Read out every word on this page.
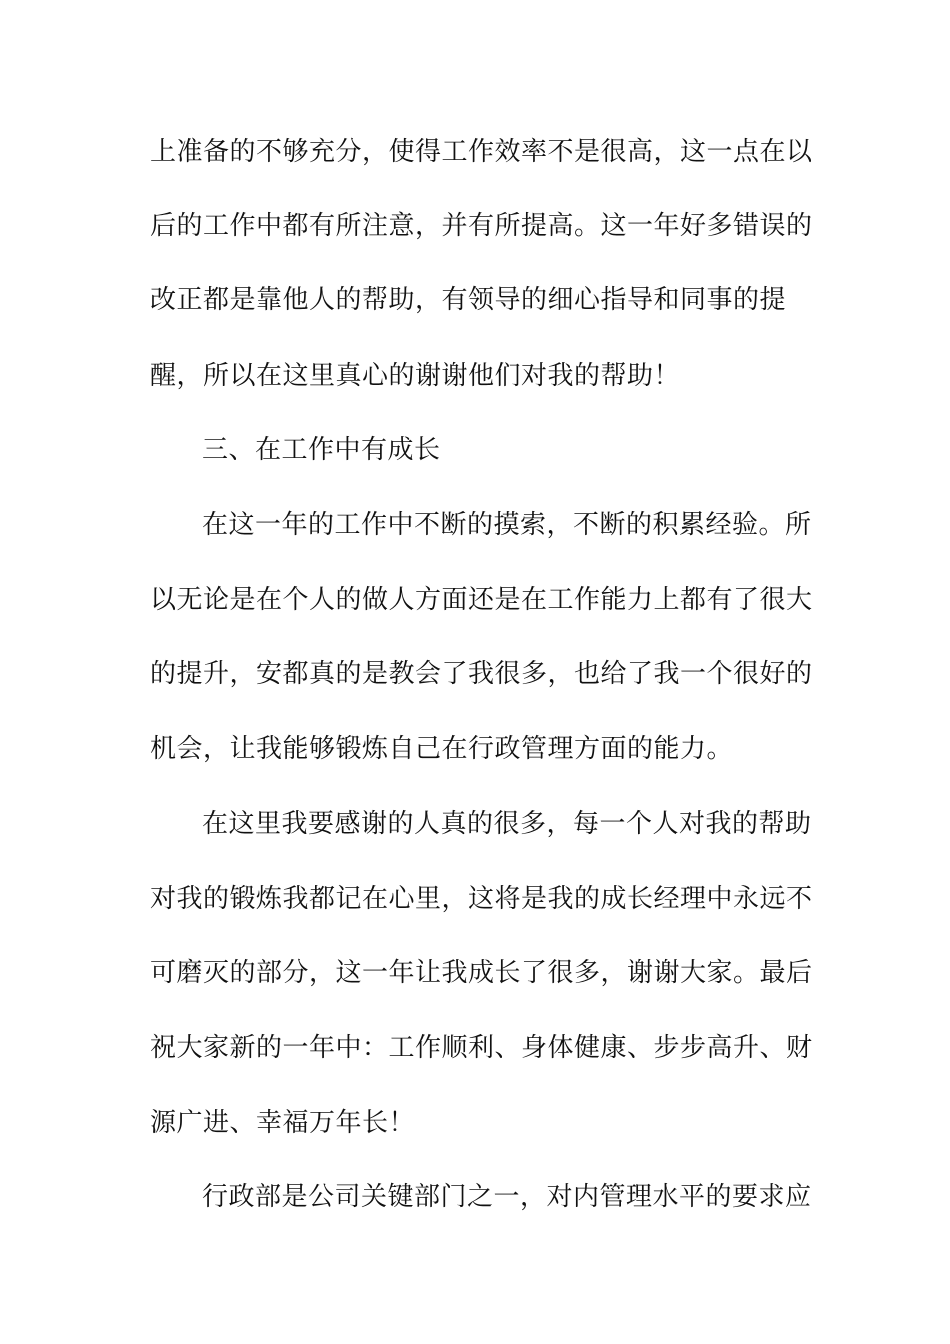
上准备的不够充分，使得工作效率不是很高，这一点在以
后的工作中都有所注意，并有所提高。这一年好多错误的
改正都是靠他人的帮助，有领导的细心指导和同事的提
醒，所以在这里真心的谢谢他们对我的帮助！
三、在工作中有成长
在这一年的工作中不断的摸索，不断的积累经验。所
以无论是在个人的做人方面还是在工作能力上都有了很大
的提升，安都真的是教会了我很多，也给了我一个很好的
机会，让我能够锻炼自己在行政管理方面的能力。
在这里我要感谢的人真的很多，每一个人对我的帮助
对我的锻炼我都记在心里，这将是我的成长经理中永远不
可磨灭的部分，这一年让我成长了很多，谢谢大家。最后
祝大家新的一年中：工作顺利、身体健康、步步高升、财
源广进、幸福万年长！
行政部是公司关键部门之一，对内管理水平的要求应
